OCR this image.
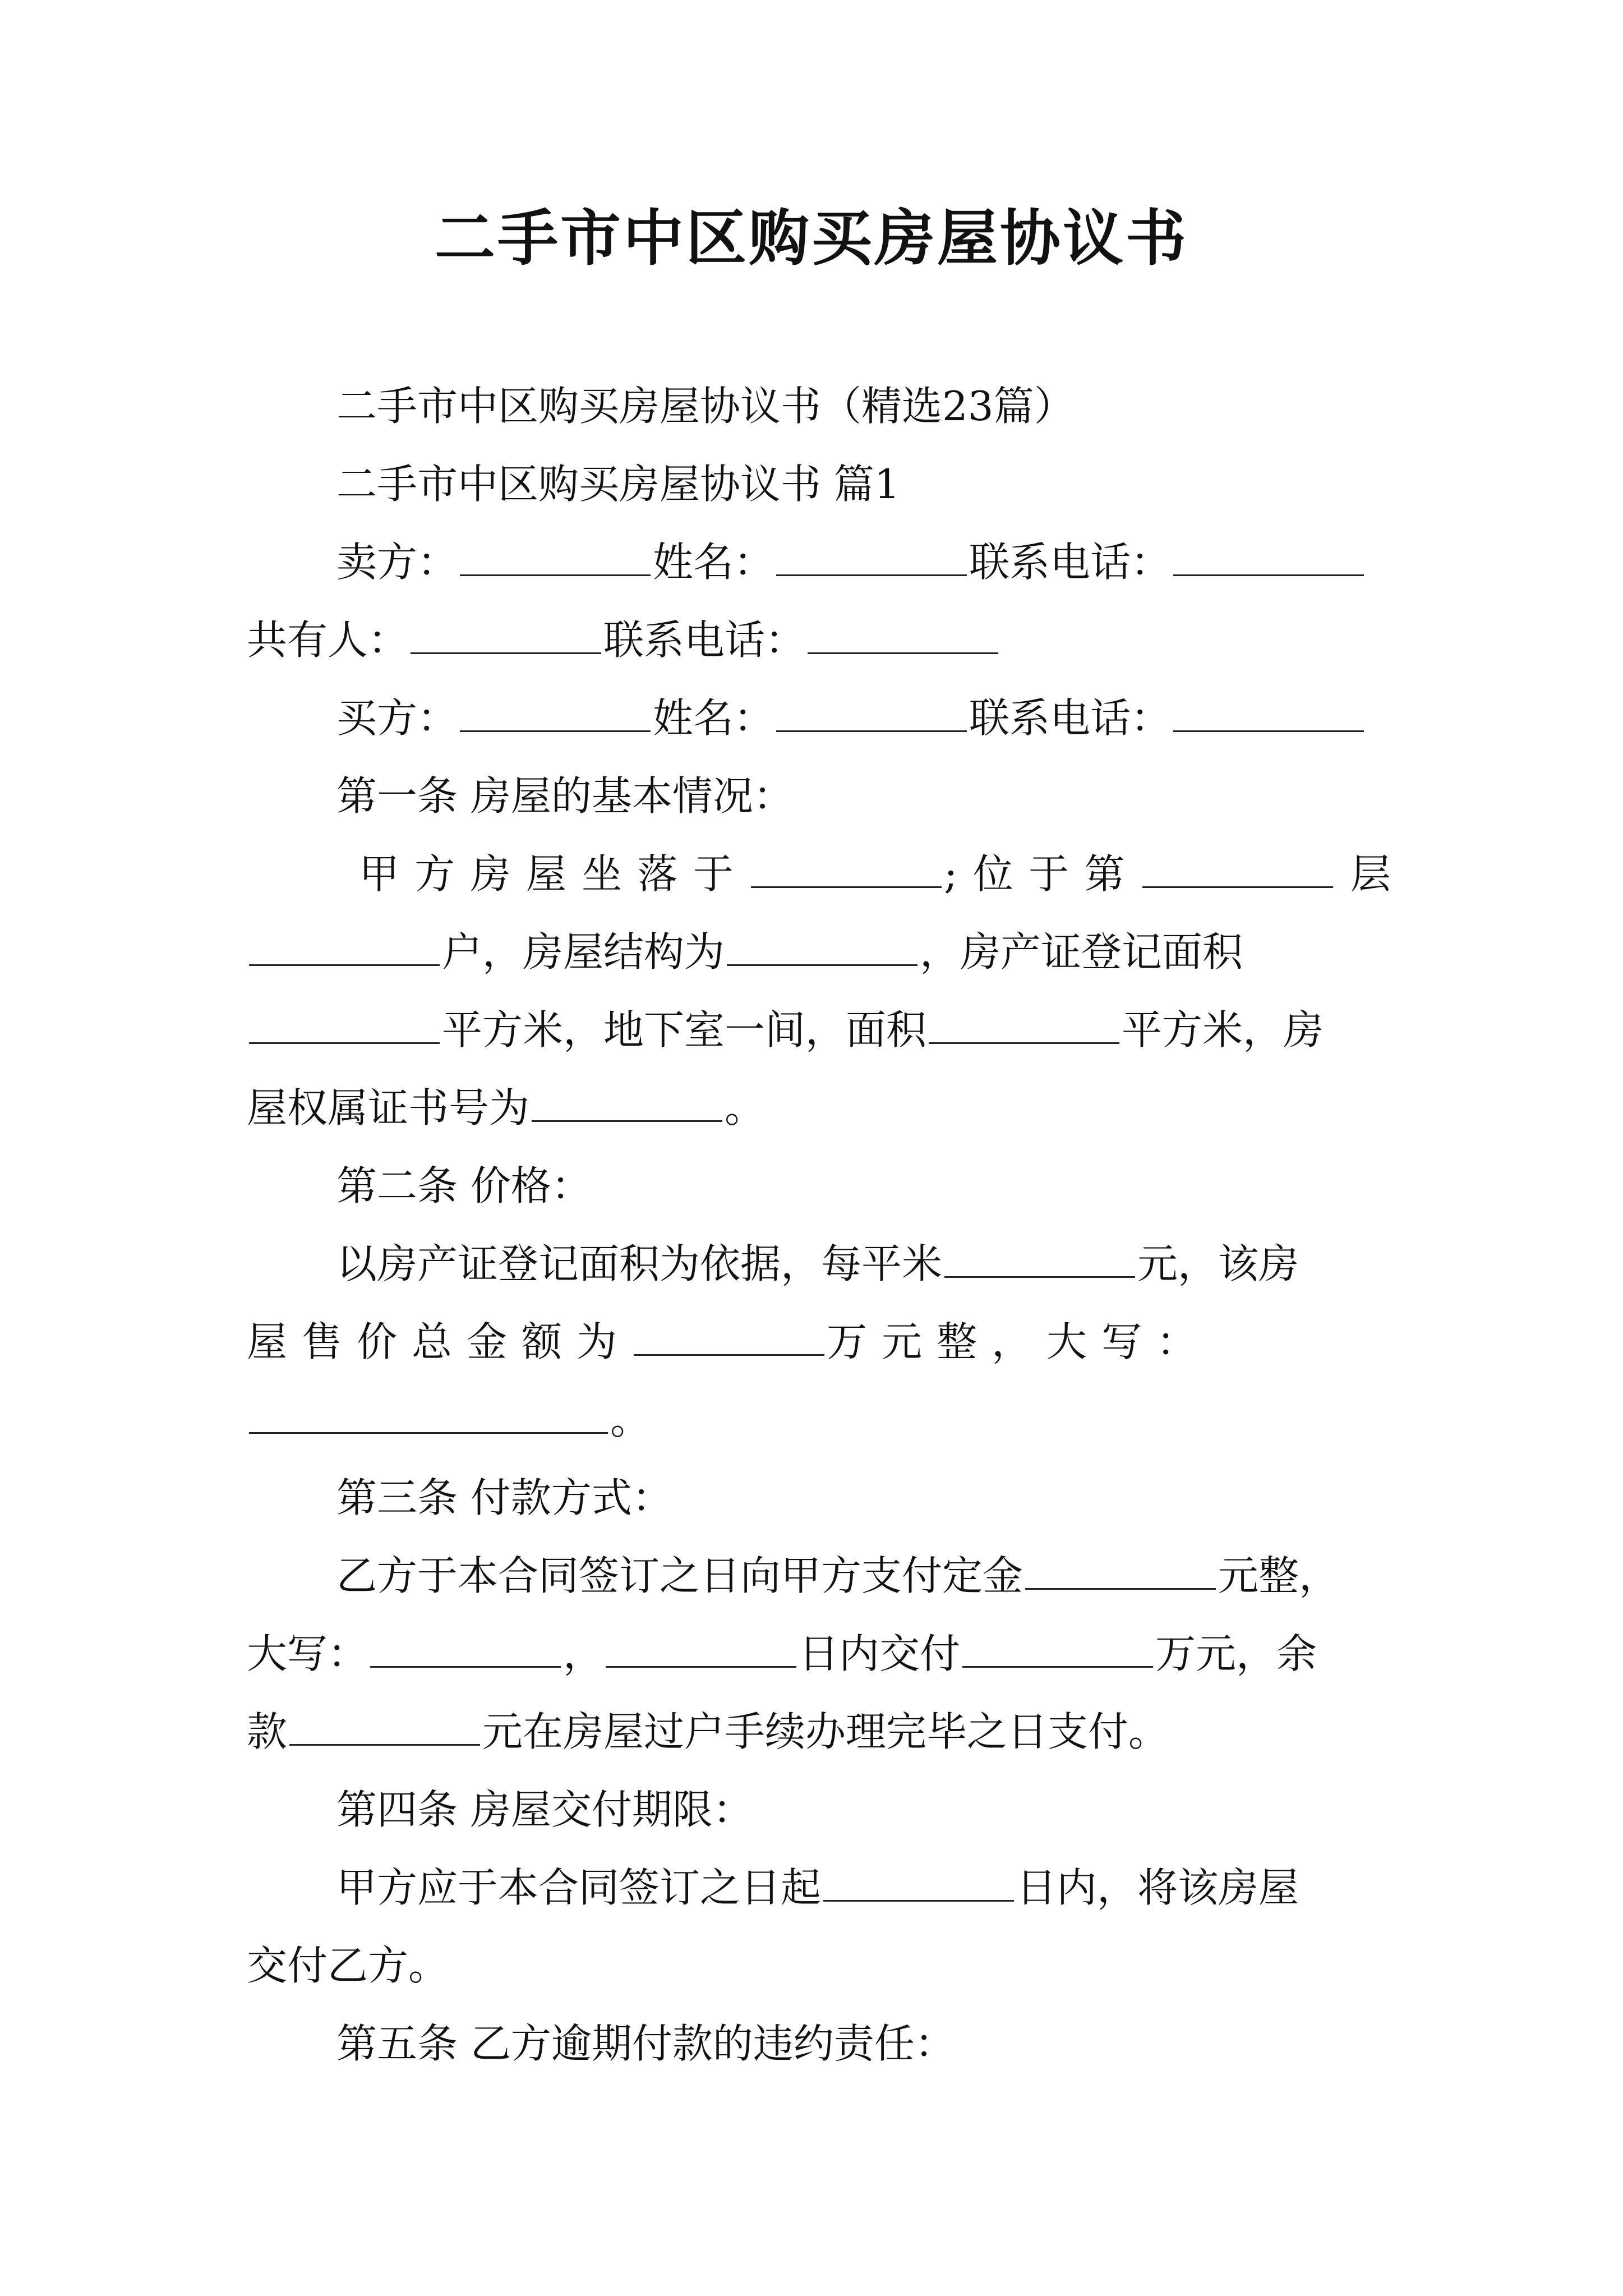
二手市中区购买房屋协议书
二手市中区购买房屋协议书（精选23篇）
二手市中区购买房屋协议书 篇1
卖方：	姓名：	联系电话：
共有人：	联系电话：
买方：	姓名：	联系电话：
第一条 房屋的基本情况：
甲方房屋坐落于	;位于第	层
户，房屋结构为	，房产证登记面积
平方米，地下室一间，面积	平方米，房
屋权属证书号为	。
第二条 价格：
以房产证登记面积为依据，每平米	元，该房
屋售价总金额为	万元整，大写：
。
第三条 付款方式：
乙方于本合同签订之日向甲方支付定金	元整，
大写：	，	日内交付	万元，余
款	元在房屋过户手续办理完毕之日支付。
第四条 房屋交付期限：
甲方应于本合同签订之日起	日内，将该房屋
交付乙方。
第五条 乙方逾期付款的违约责任：
